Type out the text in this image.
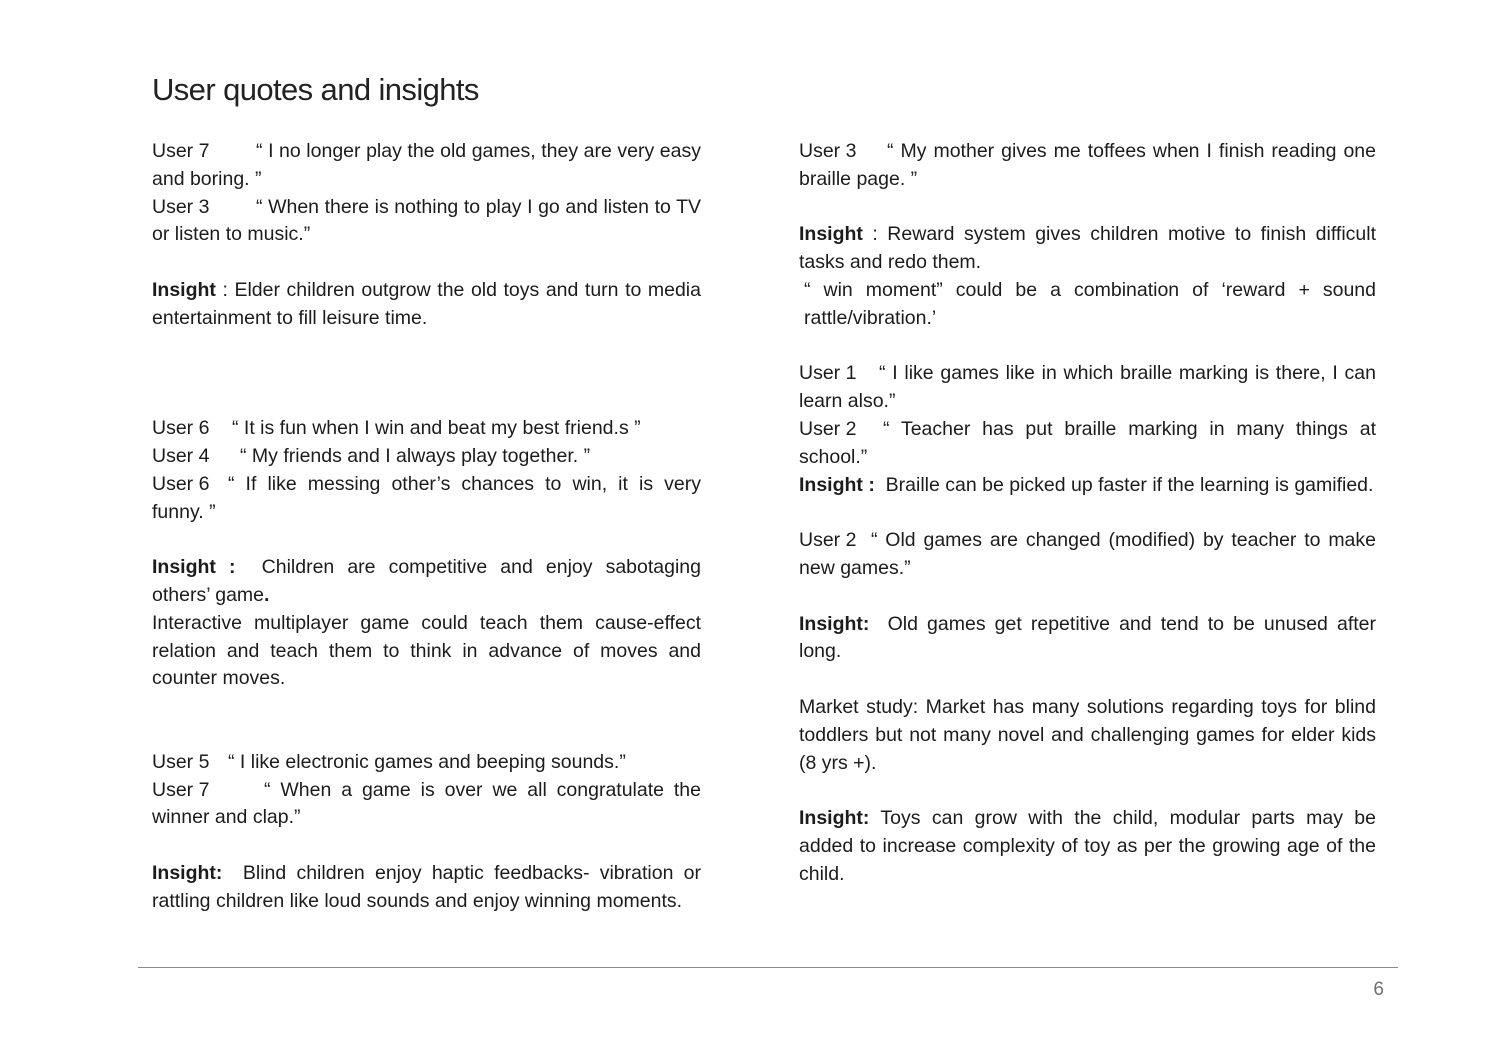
User quotes and insights

User 7 “ I no longer play the old games, they are very easy and boring. ”

User 3 “ When there is nothing to play I go and listen to TV or listen to music.”

Insight : Elder children outgrow the old toys and turn to media entertainment to fill leisure time.

User 6 “ It is fun when I win and beat my best friend.s ”

User 4 “ My friends and I always play together. ”

User 6 “ If like messing other’s chances to win, it is very funny. ”

Insight : Children are competitive and enjoy sabotaging others’ game.

Interactive multiplayer game could teach them cause-effect relation and teach them to think in advance of moves and counter moves.

User 5 “ I like electronic games and beeping sounds.”

User 7	“ When a game is over we all congratulate the winner and clap.”

Insight: Blind children enjoy haptic feedbacks- vibration or rattling children like loud sounds and enjoy winning moments.

User 3 “ My mother gives me toffees when I finish reading one braille page. ”

Insight : Reward system gives children motive to finish difficult tasks and redo them.

“ win moment” could be a combination of ‘reward + sound rattle/vibration.’

User 1 “ I like games like in which braille marking is there, I can learn also.”

User 2 “ Teacher has put braille marking in many things at school.”

Insight : Braille can be picked up faster if the learning is gamified.

User 2 “ Old games are changed (modified) by teacher to make new games.”

Insight: Old games get repetitive and tend to be unused after long.

Market study: Market has many solutions regarding toys for blind toddlers but not many novel and challenging games for elder kids (8 yrs +).

Insight: Toys can grow with the child, modular parts may be added to increase complexity of toy as per the growing age of the child.

6
